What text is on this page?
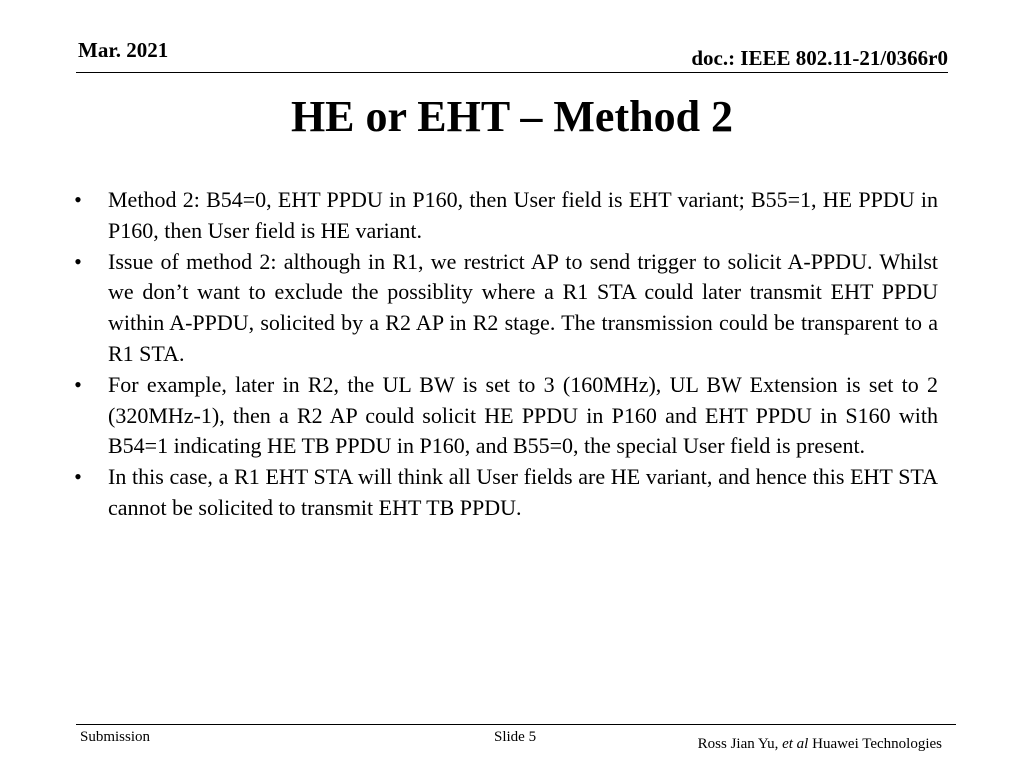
Mar. 2021	doc.: IEEE 802.11-21/0366r0
HE or EHT – Method 2
• Method 2: B54=0, EHT PPDU in P160, then User field is EHT variant; B55=1, HE PPDU in P160, then User field is HE variant.
• Issue of method 2: although in R1, we restrict AP to send trigger to solicit A-PPDU. Whilst we don’t want to exclude the possiblity where a R1 STA could later transmit EHT PPDU within A-PPDU, solicited by a R2 AP in R2 stage. The transmission could be transparent to a R1 STA.
• For example, later in R2, the UL BW is set to 3 (160MHz), UL BW Extension is set to 2 (320MHz-1), then a R2 AP could solicit HE PPDU in P160 and EHT PPDU in S160 with B54=1 indicating HE TB PPDU in P160, and B55=0, the special User field is present.
• In this case, a R1 EHT STA will think all User fields are HE variant, and hence this EHT STA cannot be solicited to transmit EHT TB PPDU.
Submission	Slide 5	Ross Jian Yu, et al Huawei Technologies
